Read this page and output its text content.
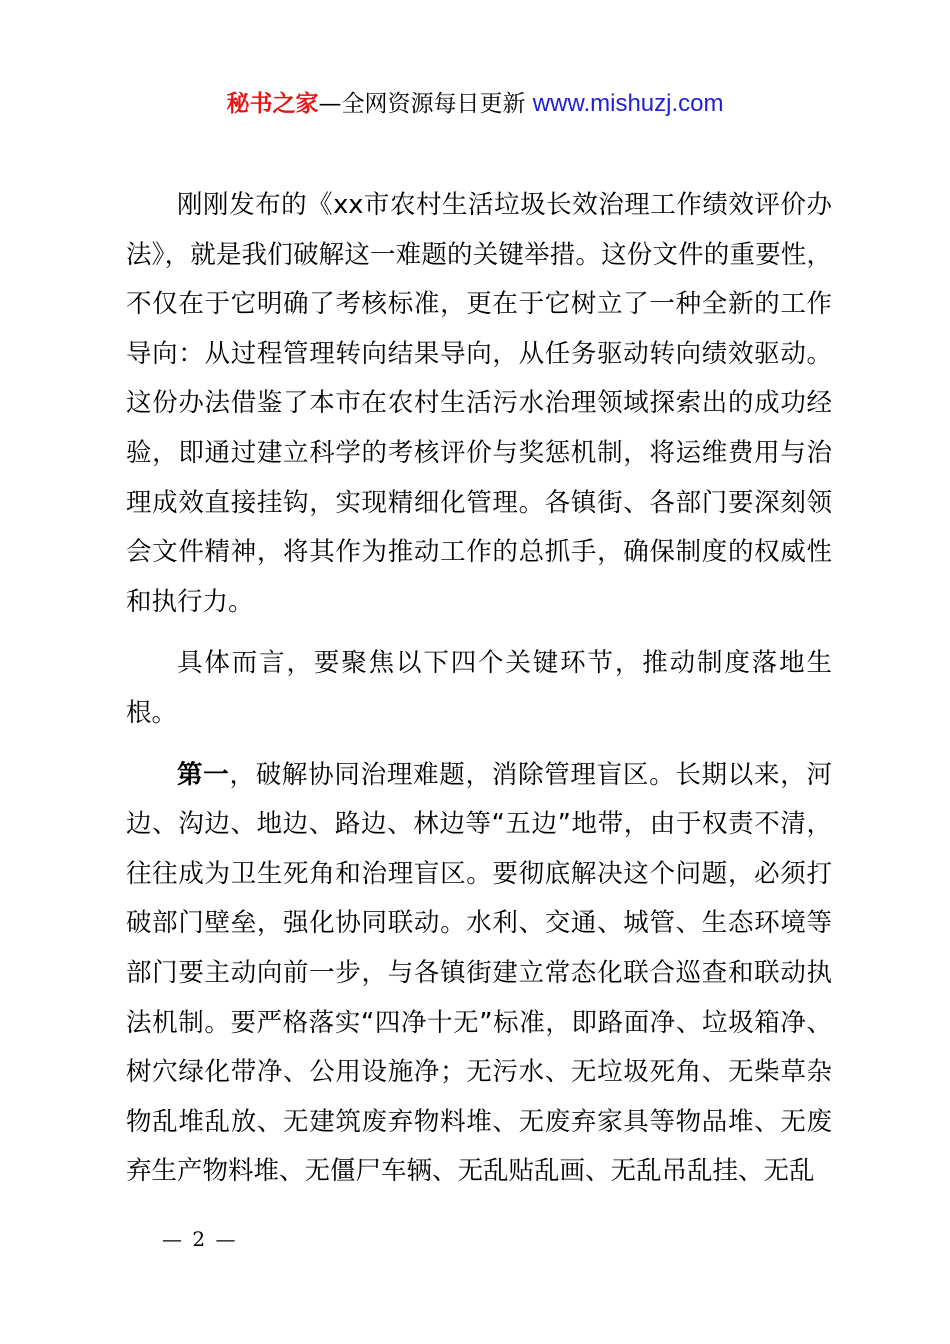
秘书之家—全网资源每日更新 www.mishuzj.com

刚刚发布的《xx市农村生活垃圾长效治理工作绩效评价办法》，就是我们破解这一难题的关键举措。这份文件的重要性，不仅在于它明确了考核标准，更在于它树立了一种全新的工作导向：从过程管理转向结果导向，从任务驱动转向绩效驱动。这份办法借鉴了本市在农村生活污水治理领域探索出的成功经验，即通过建立科学的考核评价与奖惩机制，将运维费用与治理成效直接挂钩，实现精细化管理。各镇街、各部门要深刻领会文件精神，将其作为推动工作的总抓手，确保制度的权威性和执行力。

具体而言，要聚焦以下四个关键环节，推动制度落地生根。

第一，破解协同治理难题，消除管理盲区。长期以来，河边、沟边、地边、路边、林边等“五边”地带，由于权责不清，往往成为卫生死角和治理盲区。要彻底解决这个问题，必须打破部门壁垒，强化协同联动。水利、交通、城管、生态环境等部门要主动向前一步，与各镇街建立常态化联合巡查和联动执法机制。要严格落实“四净十无”标准，即路面净、垃圾箱净、树穴绿化带净、公用设施净；无污水、无垃圾死角、无柴草杂物乱堆乱放、无建筑废弃物料堆、无废弃家具等物品堆、无废弃生产物料堆、无僵尸车辆、无乱贴乱画、无乱吊乱挂、无乱

— 2 —
